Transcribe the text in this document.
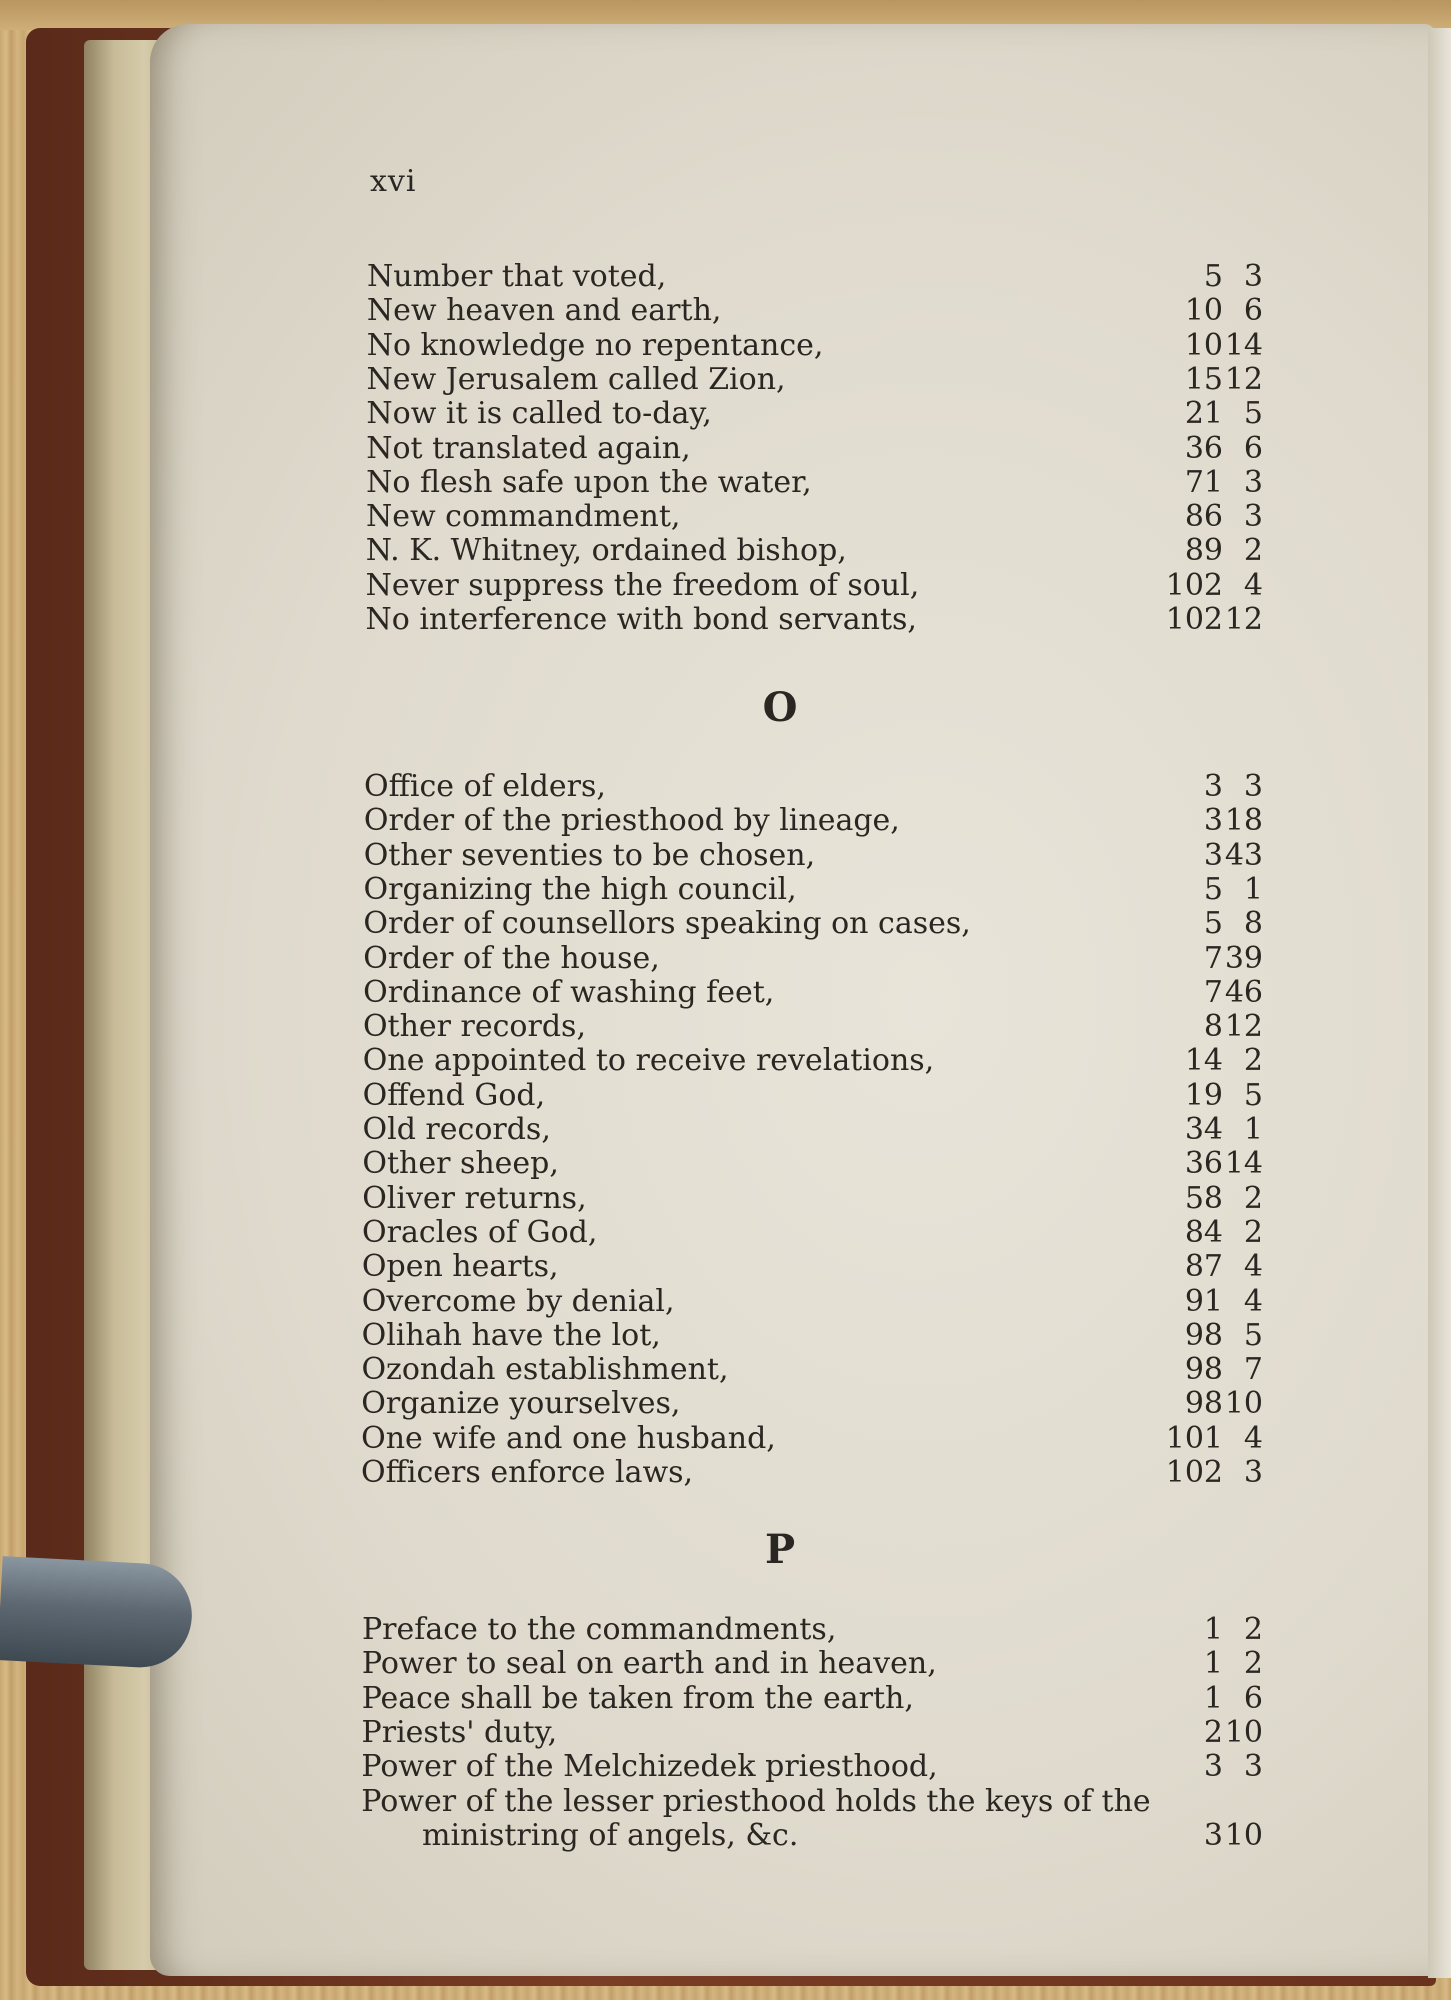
xvi
Number that voted,	5 3
New heaven and earth,	10 6
No knowledge no repentance,	10 14
New Jerusalem called Zion,	15 12
Now it is called to-day,	21 5
Not translated again,	36 6
No flesh safe upon the water,	71 3
New commandment,	86 3
N. K. Whitney, ordained bishop,	89 2
Never suppress the freedom of soul,	102 4
No interference with bond servants,	102 12
O
Office of elders,	3 3
Order of the priesthood by lineage,	3 18
Other seventies to be chosen,	3 43
Organizing the high council,	5 1
Order of counsellors speaking on cases,	5 8
Order of the house,	7 39
Ordinance of washing feet,	7 46
Other records,	8 12
One appointed to receive revelations,	14 2
Offend God,	19 5
Old records,	34 1
Other sheep,	36 14
Oliver returns,	58 2
Oracles of God,	84 2
Open hearts,	87 4
Overcome by denial,	91 4
Olihah have the lot,	98 5
Ozondah establishment,	98 7
Organize yourselves,	98 10
One wife and one husband,	101 4
Officers enforce laws,	102 3
P
Preface to the commandments,	1 2
Power to seal on earth and in heaven,	1 2
Peace shall be taken from the earth,	1 6
Priests' duty,	2 10
Power of the Melchizedek priesthood,	3 3
Power of the lesser priesthood holds the keys of the
ministring of angels, &c.	3 10
